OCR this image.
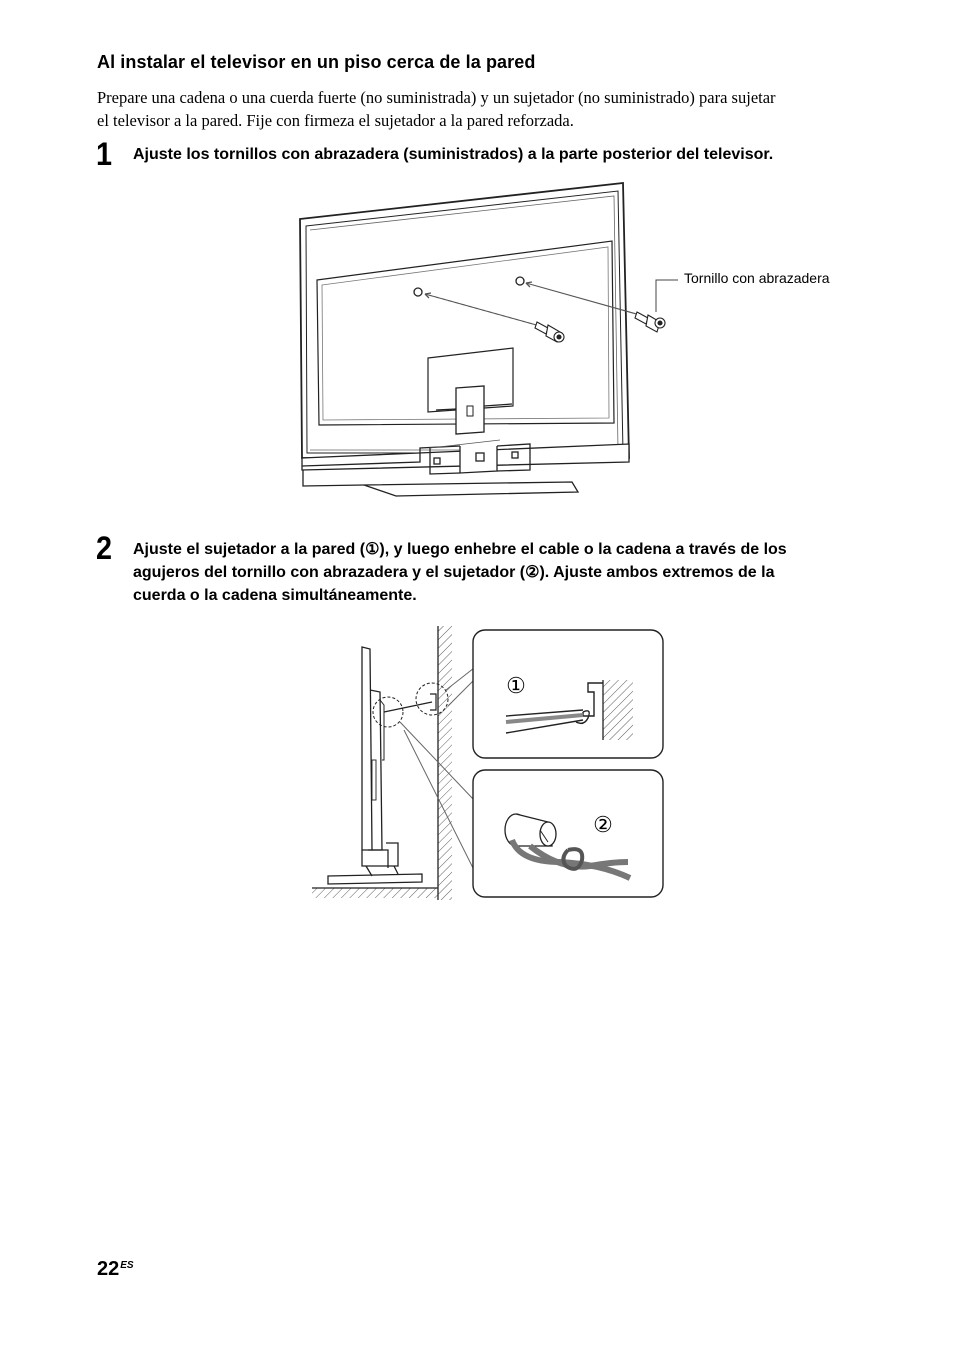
Al instalar el televisor en un piso cerca de la pared
Prepare una cadena o una cuerda fuerte (no suministrada) y un sujetador (no suministrado) para sujetar
el televisor a la pared. Fije con firmeza el sujetador a la pared reforzada.
1 Ajuste los tornillos con abrazadera (suministrados) a la parte posterior del televisor.
Tornillo con abrazadera
2 Ajuste el sujetador a la pared (①), y luego enhebre el cable o la cadena a través de los
agujeros del tornillo con abrazadera y el sujetador (②). Ajuste ambos extremos de la
cuerda o la cadena simultáneamente.
①
②
$22^{ES}$
